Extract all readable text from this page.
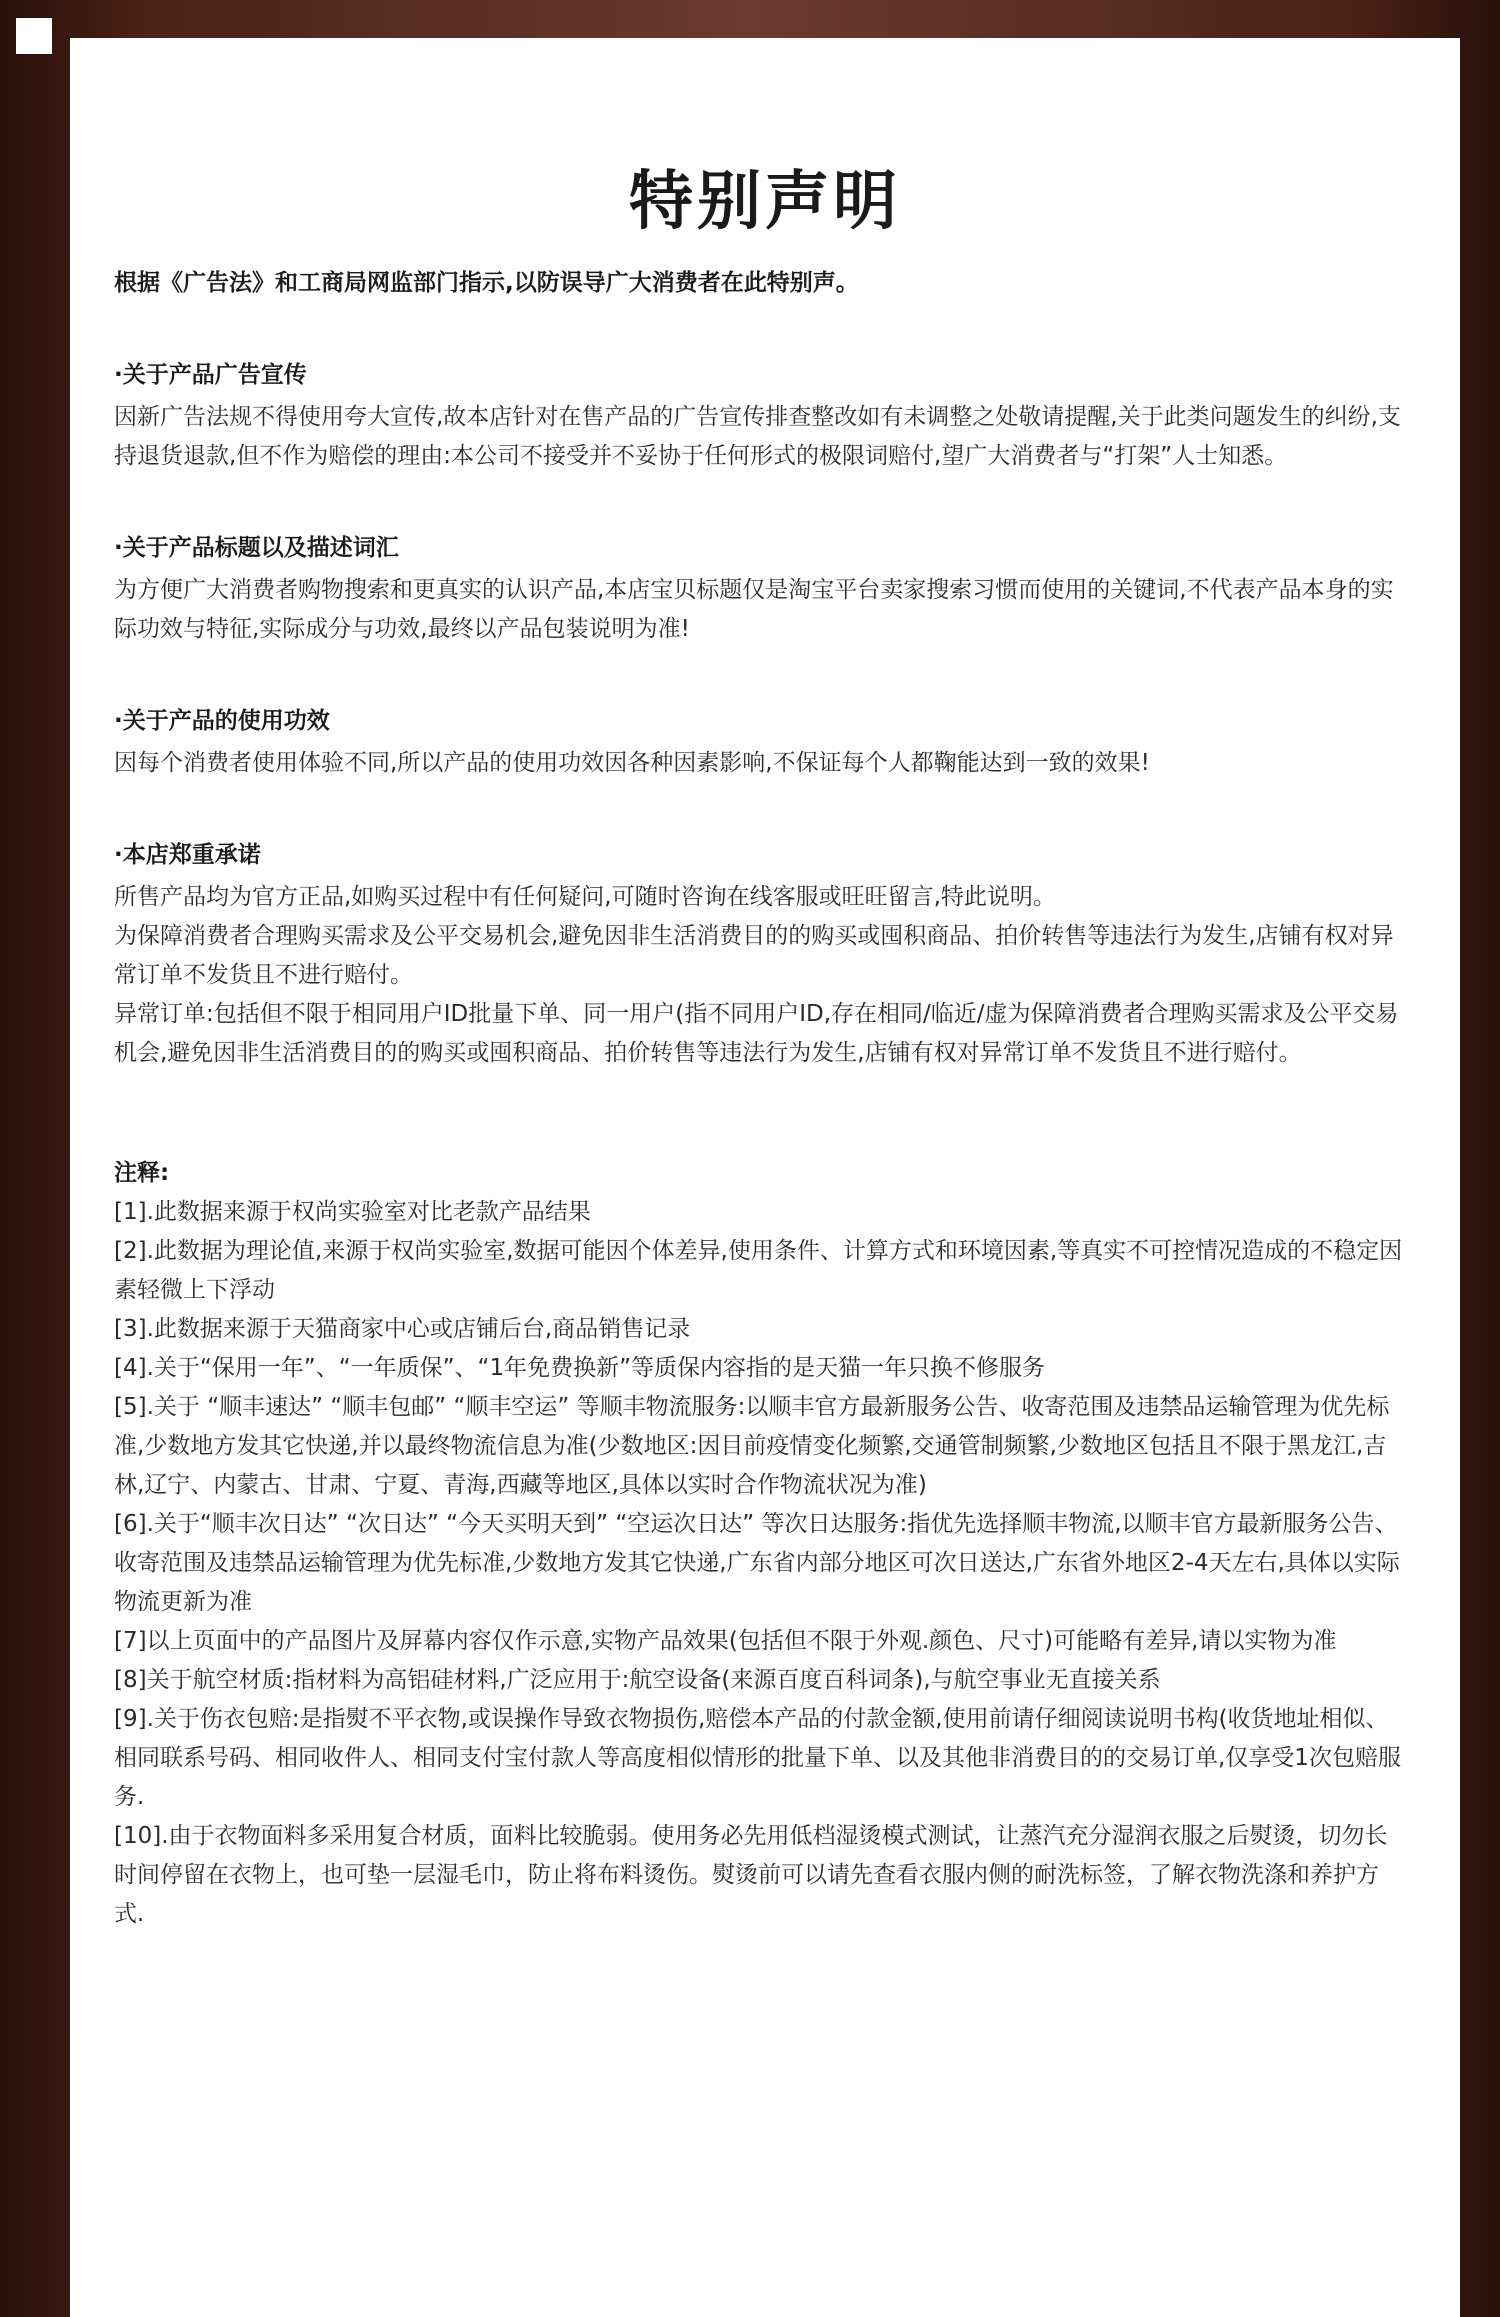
特别声明

根据《广告法》和工商局网监部门指示,以防误导广大消费者在此特别声。

·关于产品广告宣传

因新广告法规不得使用夸大宣传,故本店针对在售产品的广告宣传排查整改如有未调整之处敬请提醒,关于此类问题发生的纠纷,支持退货退款,但不作为赔偿的理由:本公司不接受并不妥协于任何形式的极限词赔付,望广大消费者与“打架”人士知悉。

·关于产品标题以及描述词汇

为方便广大消费者购物搜索和更真实的认识产品,本店宝贝标题仅是淘宝平台卖家搜索习惯而使用的关键词,不代表产品本身的实际功效与特征,实际成分与功效,最终以产品包装说明为准!

·关于产品的使用功效

因每个消费者使用体验不同,所以产品的使用功效因各种因素影响,不保证每个人都鞠能达到一致的效果!

·本店郑重承诺

所售产品均为官方正品,如购买过程中有任何疑问,可随时咨询在线客服或旺旺留言,特此说明。

为保障消费者合理购买需求及公平交易机会,避免因非生活消费目的的购买或囤积商品、拍价转售等违法行为发生,店铺有权对异常订单不发货且不进行赔付。

异常订单:包括但不限于相同用户ID批量下单、同一用户(指不同用户ID,存在相同/临近/虚为保障消费者合理购买需求及公平交易机会,避免因非生活消费目的的购买或囤积商品、拍价转售等违法行为发生,店铺有权对异常订单不发货且不进行赔付。

注释:

[1].此数据来源于权尚实验室对比老款产品结果

[2].此数据为理论值,来源于权尚实验室,数据可能因个体差异,使用条件、计算方式和环境因素,等真实不可控情况造成的不稳定因素轻微上下浮动

[3].此数据来源于天猫商家中心或店铺后台,商品销售记录

[4].关于“保用一年”、“一年质保”、“1年免费换新”等质保内容指的是天猫一年只换不修服务

[5].关于 “顺丰速达” “顺丰包邮” “顺丰空运” 等顺丰物流服务:以顺丰官方最新服务公告、收寄范围及违禁品运输管理为优先标准,少数地方发其它快递,并以最终物流信息为准(少数地区:因目前疫情变化频繁,交通管制频繁,少数地区包括且不限于黑龙江,吉林,辽宁、内蒙古、甘肃、宁夏、青海,西藏等地区,具体以实时合作物流状况为准)

[6].关于“顺丰次日达” “次日达” “今天买明天到” “空运次日达” 等次日达服务:指优先选择顺丰物流,以顺丰官方最新服务公告、收寄范围及违禁品运输管理为优先标准,少数地方发其它快递,广东省内部分地区可次日送达,广东省外地区2-4天左右,具体以实际物流更新为准

[7]以上页面中的产品图片及屏幕内容仅作示意,实物产品效果(包括但不限于外观.颜色、尺寸)可能略有差异,请以实物为准

[8]关于航空材质:指材料为高铝硅材料,广泛应用于:航空设备(来源百度百科词条),与航空事业无直接关系

[9].关于伤衣包赔:是指熨不平衣物,或误操作导致衣物损伤,赔偿本产品的付款金额,使用前请仔细阅读说明书构(收货地址相似、相同联系号码、相同收件人、相同支付宝付款人等高度相似情形的批量下单、以及其他非消费目的的交易订单,仅享受1次包赔服务.

[10].由于衣物面料多采用复合材质，面料比较脆弱。使用务必先用低档湿烫模式测试，让蒸汽充分湿润衣服之后熨烫，切勿长时间停留在衣物上，也可垫一层湿毛巾，防止将布料烫伤。熨烫前可以请先查看衣服内侧的耐洗标签，了解衣物洗涤和养护方式.
